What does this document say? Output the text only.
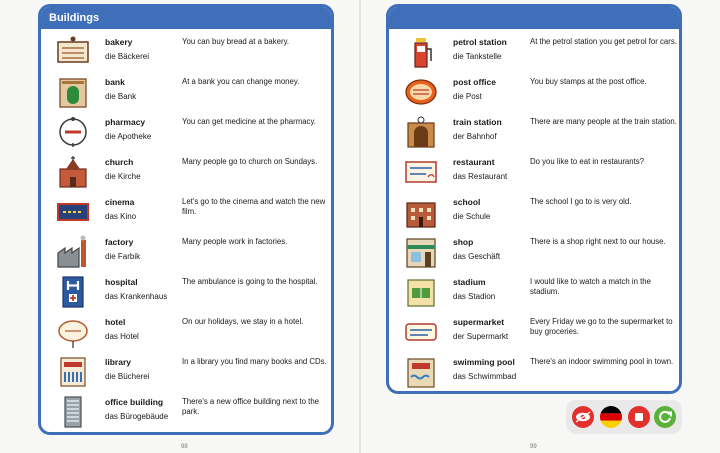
Buildings
bakery
die Bäckerei
You can buy bread at a bakery.
bank
die Bank
At a bank you can change money.
pharmacy
die Apotheke
You can get medicine at the pharmacy.
church
die Kirche
Many people go to church on Sundays.
cinema
das Kino
Let's go to the cinema and watch the new film.
factory
die Farbik
Many people work in factories.
hospital
das Krankenhaus
The ambulance is going to the hospital.
hotel
das Hotel
On our holidays, we stay in a hotel.
library
die Bücherei
In a library you find many books and CDs.
office building
das Bürogebäude
There's a new office building next to the park.
petrol station
die Tankstelle
At the petrol station you get petrol for cars.
post office
die Post
You buy stamps at the post office.
train station
der Bahnhof
There are many people at the train station.
restaurant
das Restaurant
Do you like to eat in restaurants?
school
die Schule
The school I go to is very old.
shop
das Geschäft
There is a shop right next to our house.
stadium
das Stadion
I would like to watch a match in the stadium.
supermarket
der Supermarkt
Every Friday we go to the supermarket to buy groceries.
swimming pool
das Schwimmbad
There's an indoor swimming pool in town.
98	99
